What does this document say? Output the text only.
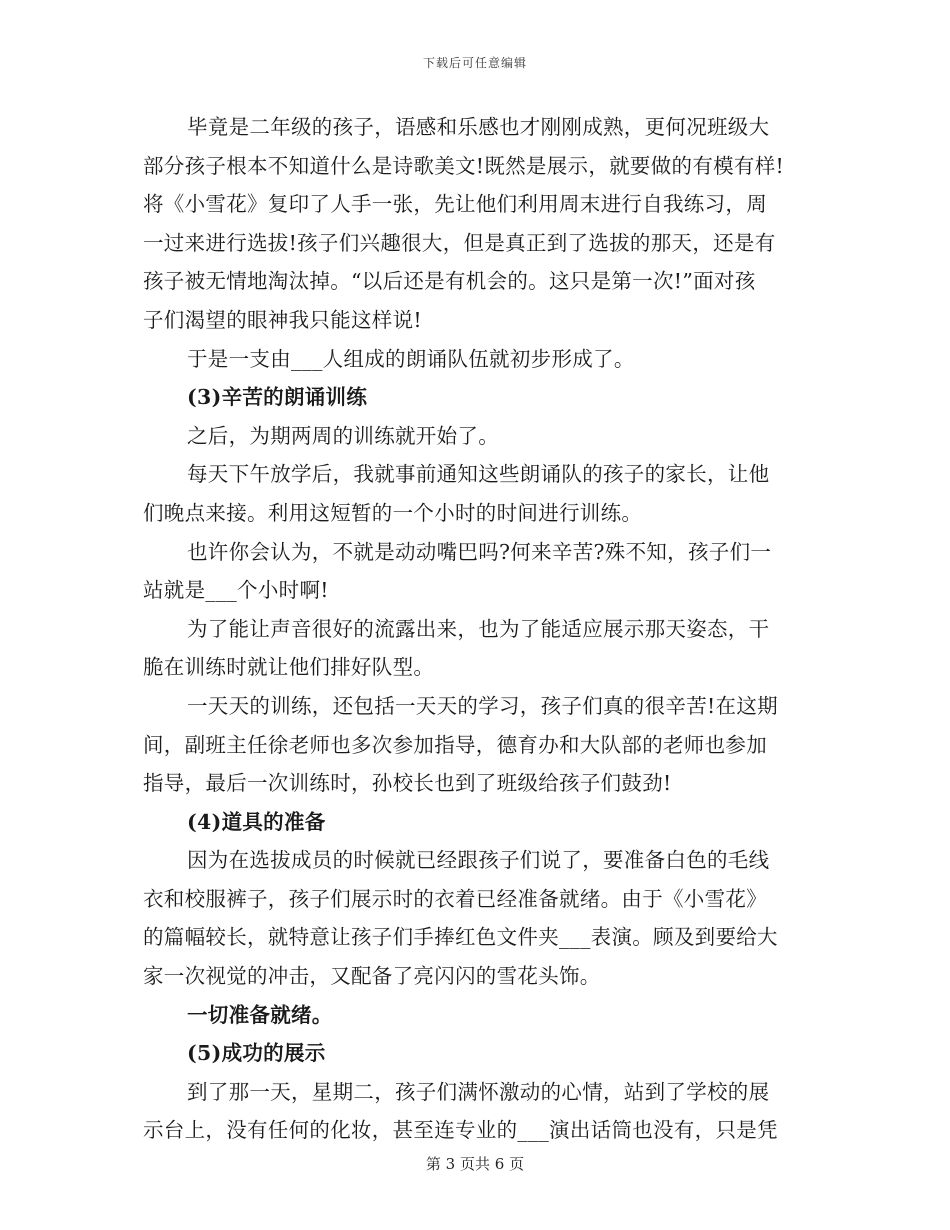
下载后可任意编辑
毕竟是二年级的孩子，语感和乐感也才刚刚成熟，更何况班级大
部分孩子根本不知道什么是诗歌美文!既然是展示，就要做的有模有样!
将《小雪花》复印了人手一张，先让他们利用周末进行自我练习，周
一过来进行选拔!孩子们兴趣很大，但是真正到了选拔的那天，还是有
孩子被无情地淘汰掉。“以后还是有机会的。这只是第一次!”面对孩
子们渴望的眼神我只能这样说!
于是一支由___人组成的朗诵队伍就初步形成了。
(3)辛苦的朗诵训练
之后，为期两周的训练就开始了。
每天下午放学后，我就事前通知这些朗诵队的孩子的家长，让他
们晚点来接。利用这短暂的一个小时的时间进行训练。
也许你会认为，不就是动动嘴巴吗?何来辛苦?殊不知，孩子们一
站就是___个小时啊!
为了能让声音很好的流露出来，也为了能适应展示那天姿态，干
脆在训练时就让他们排好队型。
一天天的训练，还包括一天天的学习，孩子们真的很辛苦!在这期
间，副班主任徐老师也多次参加指导，德育办和大队部的老师也参加
指导，最后一次训练时，孙校长也到了班级给孩子们鼓劲!
(4)道具的准备
因为在选拔成员的时候就已经跟孩子们说了，要准备白色的毛线
衣和校服裤子，孩子们展示时的衣着已经准备就绪。由于《小雪花》
的篇幅较长，就特意让孩子们手捧红色文件夹___表演。顾及到要给大
家一次视觉的冲击，又配备了亮闪闪的雪花头饰。
一切准备就绪。
(5)成功的展示
到了那一天，星期二，孩子们满怀激动的心情，站到了学校的展
示台上，没有任何的化妆，甚至连专业的___演出话筒也没有，只是凭
第 3 页共 6 页
